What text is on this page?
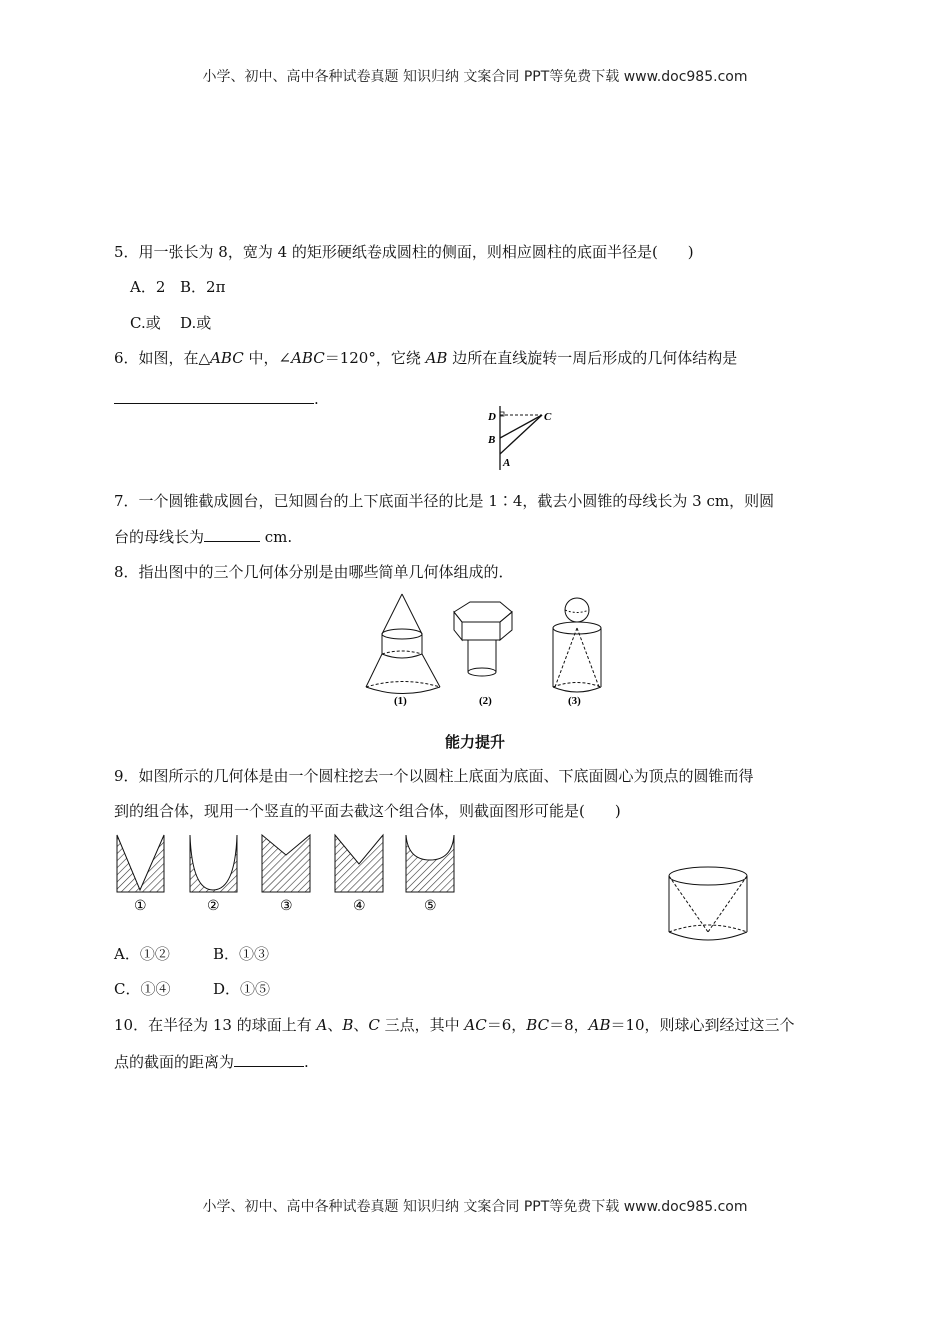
小学、初中、高中各种试卷真题 知识归纳 文案合同 PPT等免费下载 www.doc985.com
5．用一张长为 8，宽为 4 的矩形硬纸卷成圆柱的侧面，则相应圆柱的底面半径是(　　)
A．2 B．2π
C.或 D.或
6．如图，在△ABC 中，∠ABC＝120°，它绕 AB 边所在直线旋转一周后形成的几何体结构是
.
D
B
A
C
7．一个圆锥截成圆台，已知圆台的上下底面半径的比是 1∶4，截去小圆锥的母线长为 3 cm，则圆
台的母线长为	cm.
8．指出图中的三个几何体分别是由哪些简单几何体组成的．
(1)	(2)	(3)
能力提升
9．如图所示的几何体是由一个圆柱挖去一个以圆柱上底面为底面、下底面圆心为顶点的圆锥而得
到的组合体，现用一个竖直的平面去截这个组合体，则截面图形可能是(　　)
①	②	③	④	⑤
A．①②	B．①③
C．①④	D．①⑤
10．在半径为 13 的球面上有 A、B、C 三点，其中 AC＝6，BC＝8，AB＝10，则球心到经过这三个
点的截面的距离为	.
小学、初中、高中各种试卷真题 知识归纳 文案合同 PPT等免费下载 www.doc985.com
